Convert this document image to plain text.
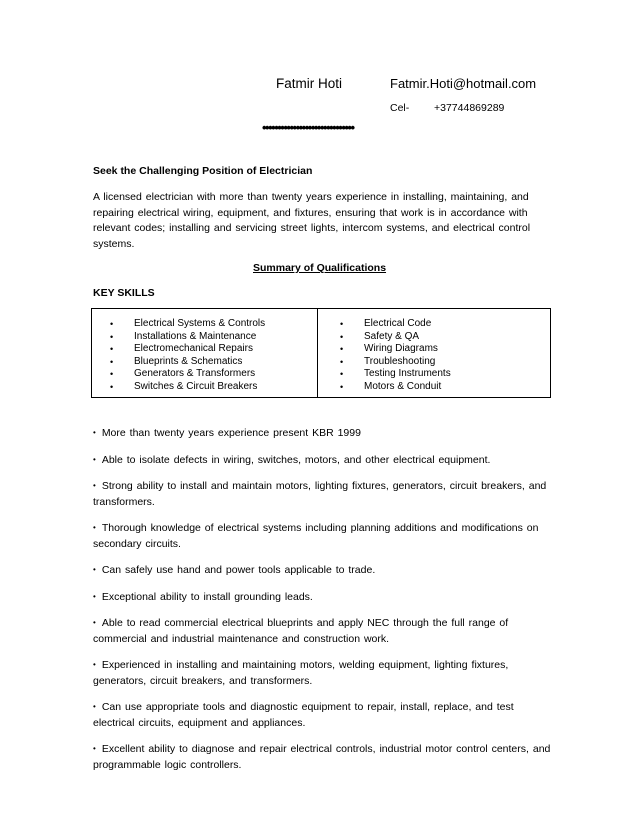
Fatmir Hoti	Fatmir.Hoti@hotmail.com
Cel- +37744869289
••••••••••••••••••••••••••••••
Seek the Challenging Position of Electrician
A licensed electrician with more than twenty years experience in installing, maintaining, and
repairing electrical wiring, equipment, and fixtures, ensuring that work is in accordance with
relevant codes; installing and servicing street lights, intercom systems, and electrical control
systems.
Summary of Qualifications
KEY SKILLS
• Electrical Systems & Controls
• Installations & Maintenance
• Electromechanical Repairs
• Blueprints & Schematics
• Generators & Transformers
• Switches & Circuit Breakers
• Electrical Code
• Safety & QA
• Wiring Diagrams
• Troubleshooting
• Testing Instruments
• Motors & Conduit
• More than twenty years experience present KBR 1999
• Able to isolate defects in wiring, switches, motors, and other electrical equipment.
• Strong ability to install and maintain motors, lighting fixtures, generators, circuit breakers, and
transformers.
• Thorough knowledge of electrical systems including planning additions and modifications on
secondary circuits.
• Can safely use hand and power tools applicable to trade.
• Exceptional ability to install grounding leads.
• Able to read commercial electrical blueprints and apply NEC through the full range of
commercial and industrial maintenance and construction work.
• Experienced in installing and maintaining motors, welding equipment, lighting fixtures,
generators, circuit breakers, and transformers.
• Can use appropriate tools and diagnostic equipment to repair, install, replace, and test
electrical circuits, equipment and appliances.
• Excellent ability to diagnose and repair electrical controls, industrial motor control centers, and
programmable logic controllers.
